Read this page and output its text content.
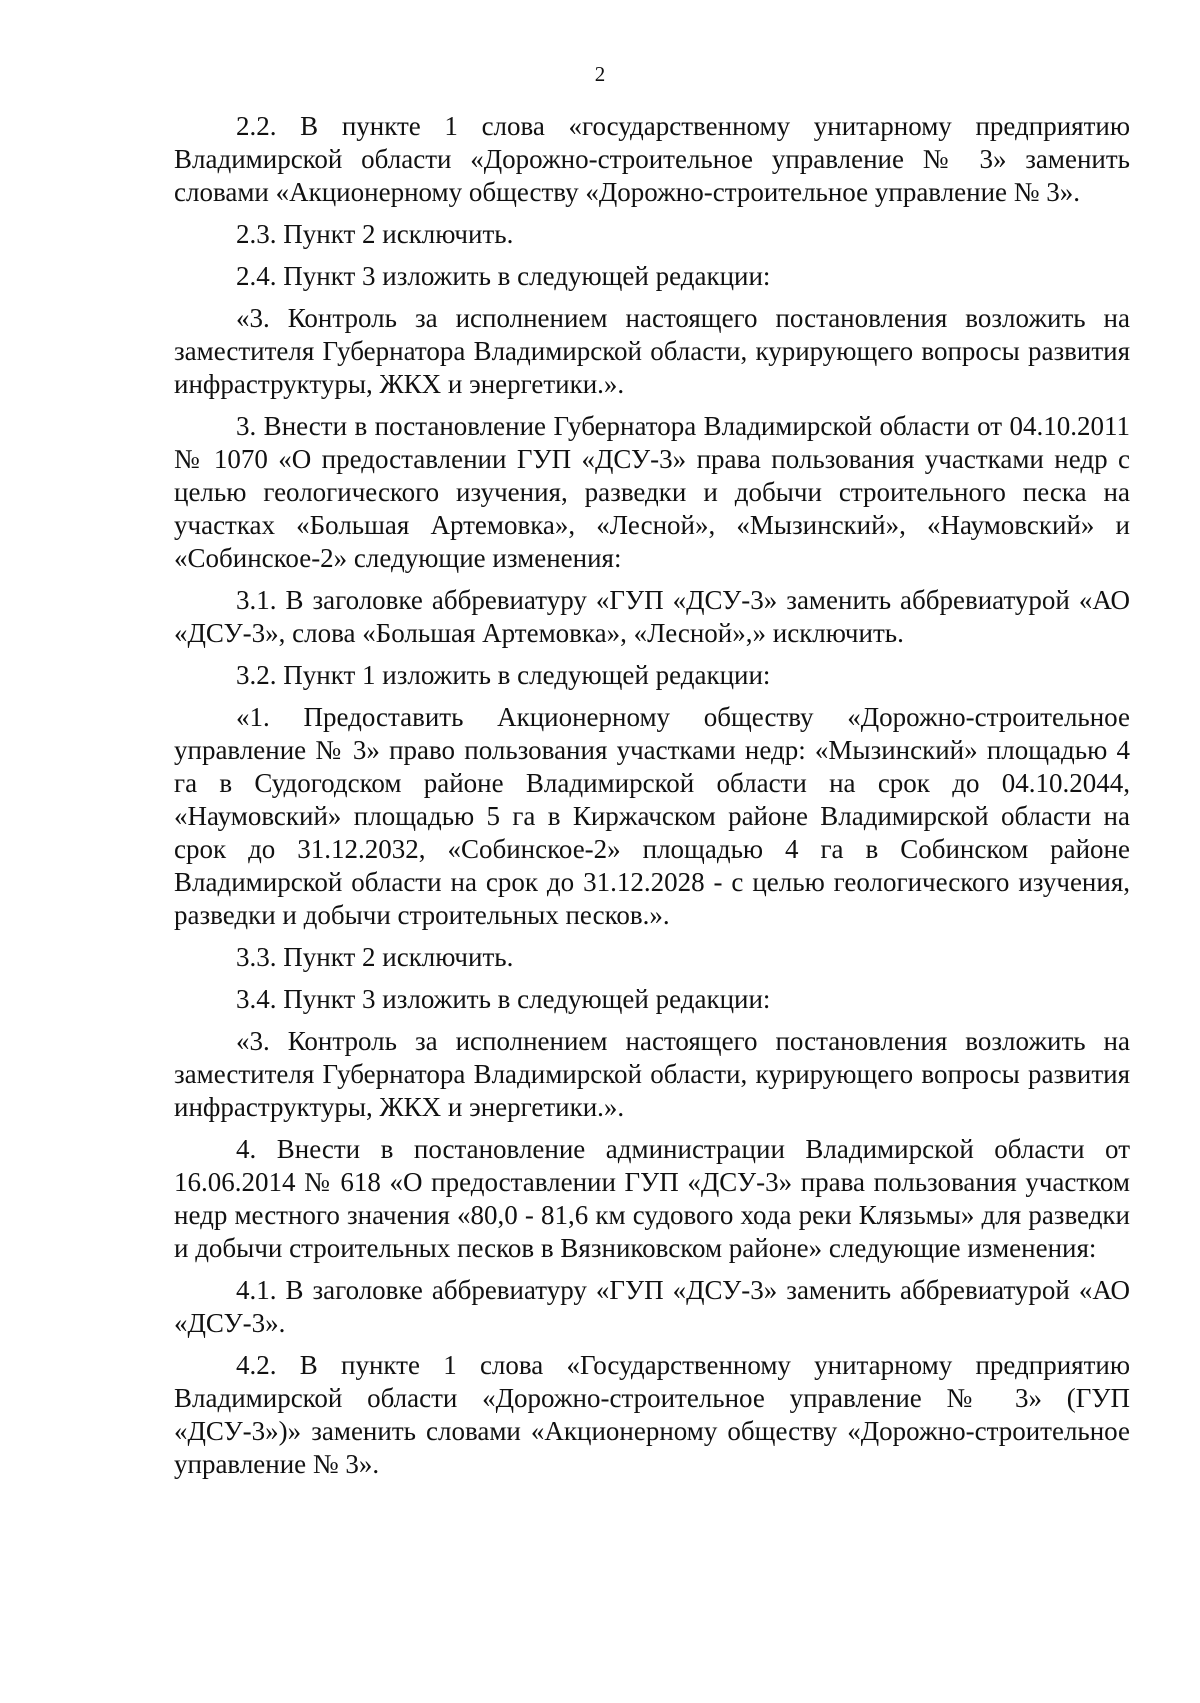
2

2.2. В пункте 1 слова «государственному унитарному предприятию Владимирской области «Дорожно-строительное управление № 3» заменить словами «Акционерному обществу «Дорожно-строительное управление № 3».

2.3. Пункт 2 исключить.

2.4. Пункт 3 изложить в следующей редакции:

«3. Контроль за исполнением настоящего постановления возложить на заместителя Губернатора Владимирской области, курирующего вопросы развития инфраструктуры, ЖКХ и энергетики.».

3. Внести в постановление Губернатора Владимирской области от 04.10.2011 № 1070 «О предоставлении ГУП «ДСУ-3» права пользования участками недр с целью геологического изучения, разведки и добычи строительного песка на участках «Большая Артемовка», «Лесной», «Мызинский», «Наумовский» и «Собинское-2» следующие изменения:

3.1. В заголовке аббревиатуру «ГУП «ДСУ-3» заменить аббревиатурой «АО «ДСУ-3», слова «Большая Артемовка», «Лесной»,» исключить.

3.2. Пункт 1 изложить в следующей редакции:

«1. Предоставить Акционерному обществу «Дорожно-строительное управление № 3» право пользования участками недр: «Мызинский» площадью 4 га в Судогодском районе Владимирской области на срок до 04.10.2044, «Наумовский» площадью 5 га в Киржачском районе Владимирской области на срок до 31.12.2032, «Собинское-2» площадью 4 га в Собинском районе Владимирской области на срок до 31.12.2028 - с целью геологического изучения, разведки и добычи строительных песков.».

3.3. Пункт 2 исключить.

3.4. Пункт 3 изложить в следующей редакции:

«3. Контроль за исполнением настоящего постановления возложить на заместителя Губернатора Владимирской области, курирующего вопросы развития инфраструктуры, ЖКХ и энергетики.».

4. Внести в постановление администрации Владимирской области от 16.06.2014 № 618 «О предоставлении ГУП «ДСУ-3» права пользования участком недр местного значения «80,0 - 81,6 км судового хода реки Клязьмы» для разведки и добычи строительных песков в Вязниковском районе» следующие изменения:

4.1. В заголовке аббревиатуру «ГУП «ДСУ-3» заменить аббревиатурой «АО «ДСУ-3».

4.2. В пункте 1 слова «Государственному унитарному предприятию Владимирской области «Дорожно-строительное управление № 3» (ГУП «ДСУ-3»)» заменить словами «Акционерному обществу «Дорожно-строительное управление № 3».
